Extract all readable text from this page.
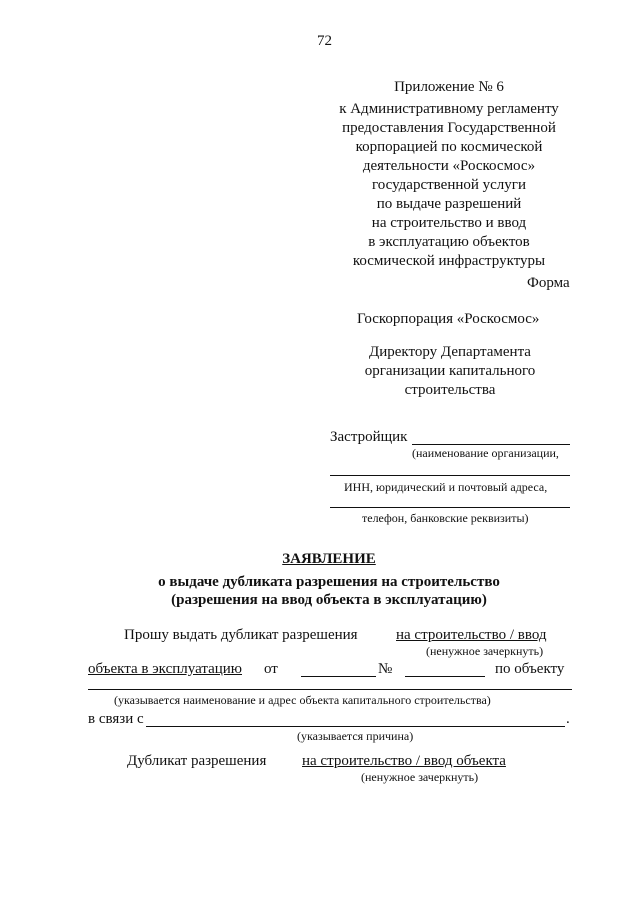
72
Приложение № 6
к Административному регламенту
предоставления Государственной
корпорацией по космической
деятельности «Роскосмос»
государственной услуги
по выдаче разрешений
на строительство и ввод
в эксплуатацию объектов
космической инфраструктуры
Форма
Госкорпорация «Роскосмос»
Директору Департамента
организации капитального
строительства
Застройщик
(наименование организации,
ИНН, юридический и почтовый адреса,
телефон, банковские реквизиты)
ЗАЯВЛЕНИЕ
о выдаче дубликата разрешения на строительство
(разрешения на ввод объекта в эксплуатацию)
Прошу выдать дубликат разрешения	на строительство / ввод
(ненужное зачеркнуть)
объекта в эксплуатацию от	№	по объекту
(указывается наименование и адрес объекта капитального строительства)
в связи с	.
(указывается причина)
Дубликат разрешения на строительство / ввод объекта
(ненужное зачеркнуть)
